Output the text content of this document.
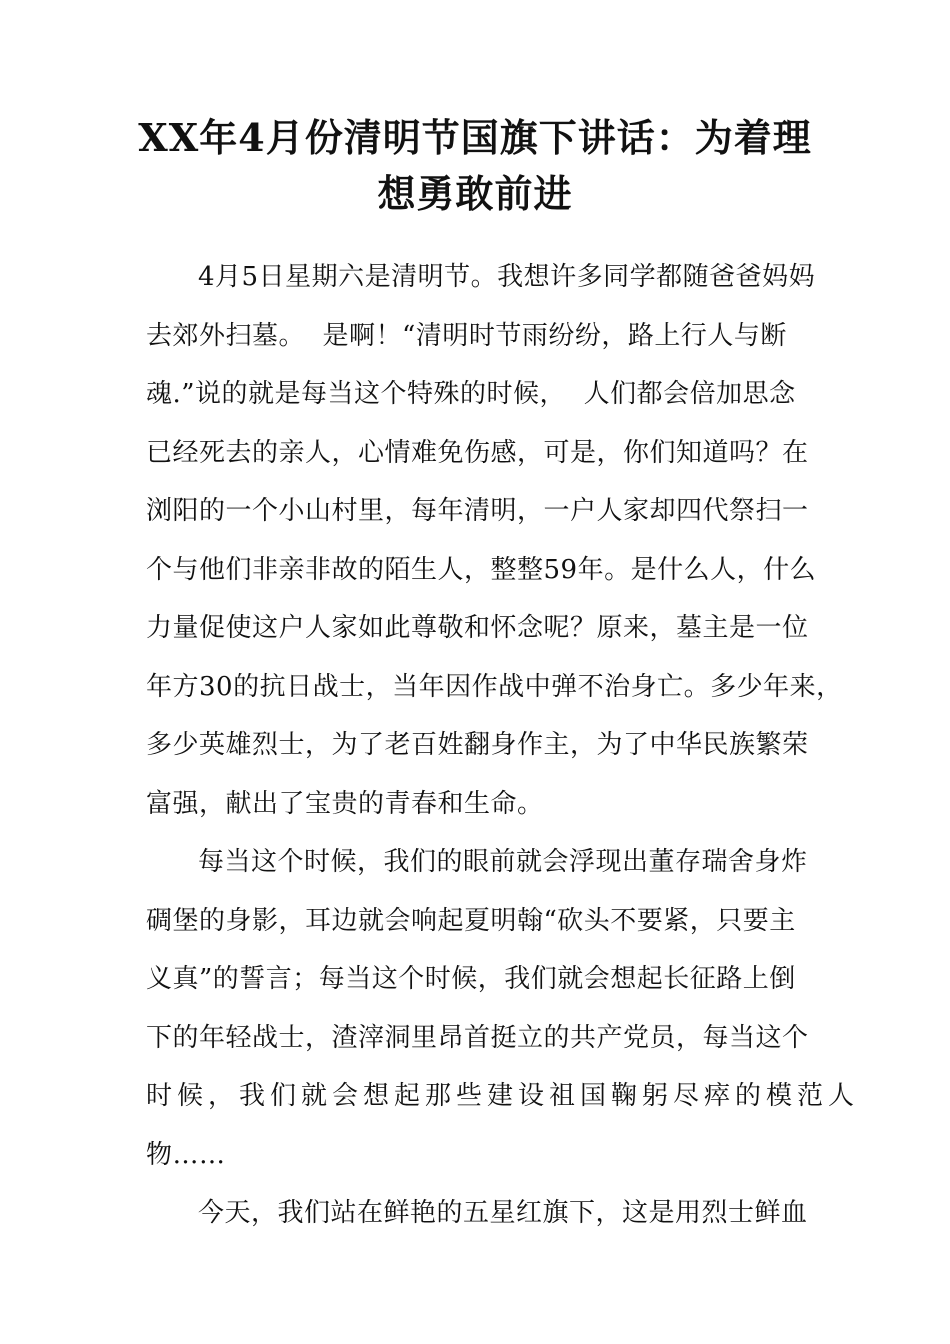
XX年4月份清明节国旗下讲话：为着理
想勇敢前进

4月5日星期六是清明节。我想许多同学都随爸爸妈妈
去郊外扫墓。  是啊！“清明时节雨纷纷，路上行人与断
魂.”说的就是每当这个特殊的时候，  人们都会倍加思念
已经死去的亲人，心情难免伤感，可是，你们知道吗？在
浏阳的一个小山村里，每年清明，一户人家却四代祭扫一
个与他们非亲非故的陌生人，整整59年。是什么人，什么
力量促使这户人家如此尊敬和怀念呢？原来，墓主是一位
年方30的抗日战士，当年因作战中弹不治身亡。多少年来，
多少英雄烈士，为了老百姓翻身作主，为了中华民族繁荣
富强，献出了宝贵的青春和生命。

每当这个时候，我们的眼前就会浮现出董存瑞舍身炸
碉堡的身影，耳边就会响起夏明翰“砍头不要紧，只要主
义真”的誓言；每当这个时候，我们就会想起长征路上倒
下的年轻战士，渣滓洞里昂首挺立的共产党员，每当这个
时候，我们就会想起那些建设祖国鞠躬尽瘁的模范人
物……

今天，我们站在鲜艳的五星红旗下，这是用烈士鲜血
